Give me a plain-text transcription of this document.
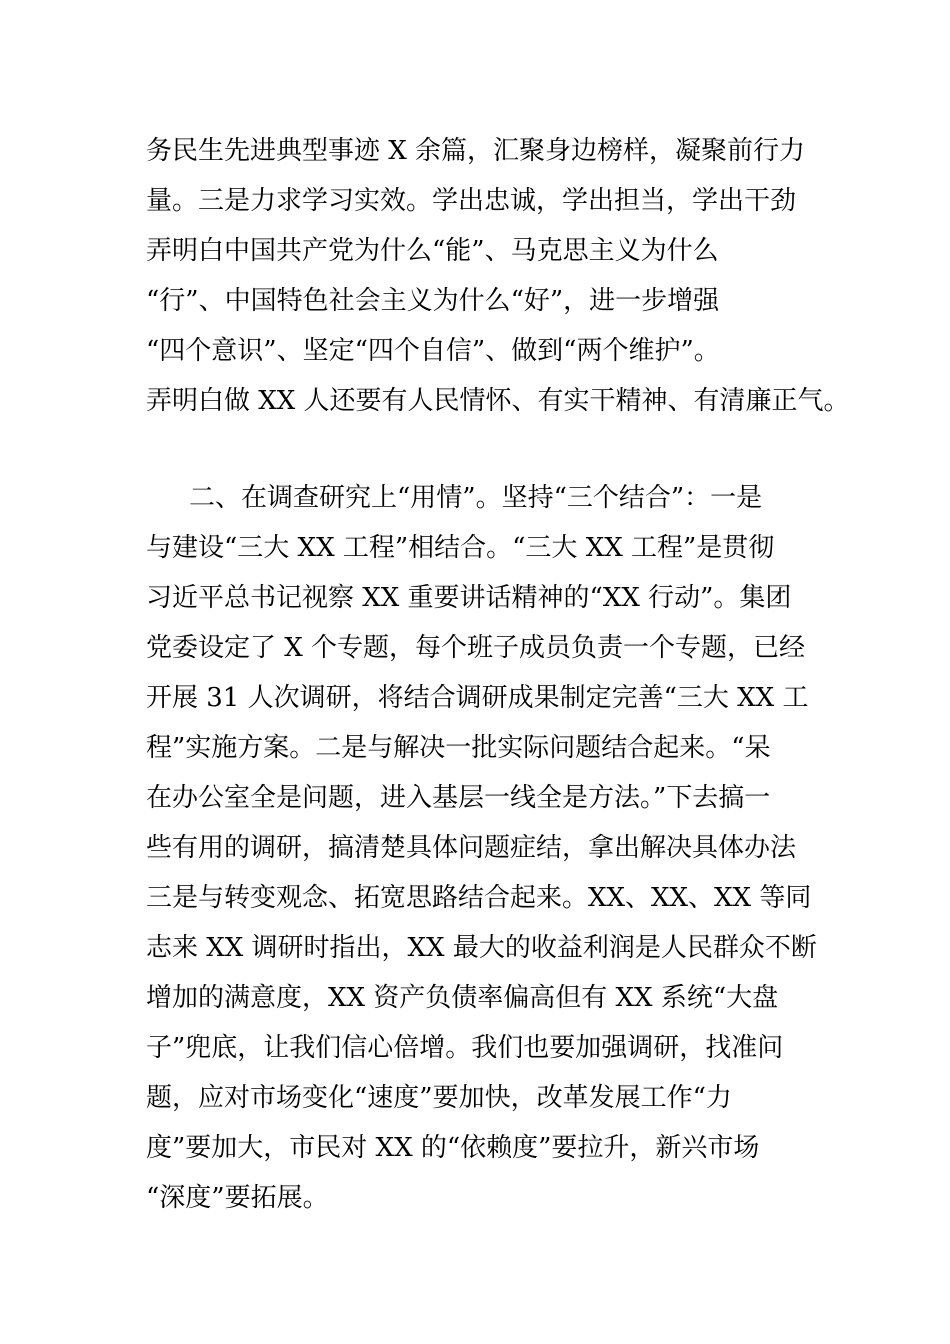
务民生先进典型事迹 X 余篇，汇聚身边榜样，凝聚前行力

量。三是力求学习实效。学出忠诚，学出担当，学出干劲

弄明白中国共产党为什么“能”、马克思主义为什么

“行”、中国特色社会主义为什么“好”，进一步增强

“四个意识”、坚定“四个自信”、做到“两个维护”。

弄明白做 XX 人还要有人民情怀、有实干精神、有清廉正气。

二、在调查研究上“用情”。坚持“三个结合”：一是

与建设“三大 XX 工程”相结合。“三大 XX 工程”是贯彻

习近平总书记视察 XX 重要讲话精神的“XX 行动”。集团

党委设定了 X 个专题，每个班子成员负责一个专题，已经

开展 31 人次调研，将结合调研成果制定完善“三大 XX 工

程”实施方案。二是与解决一批实际问题结合起来。“呆

在办公室全是问题，进入基层一线全是方法。”下去搞一

些有用的调研，搞清楚具体问题症结，拿出解决具体办法

三是与转变观念、拓宽思路结合起来。XX、XX、XX 等同

志来 XX 调研时指出，XX 最大的收益利润是人民群众不断

增加的满意度，XX 资产负债率偏高但有 XX 系统“大盘

子”兜底，让我们信心倍增。我们也要加强调研，找准问

题，应对市场变化“速度”要加快，改革发展工作“力

度”要加大，市民对 XX 的“依赖度”要拉升，新兴市场

“深度”要拓展。
